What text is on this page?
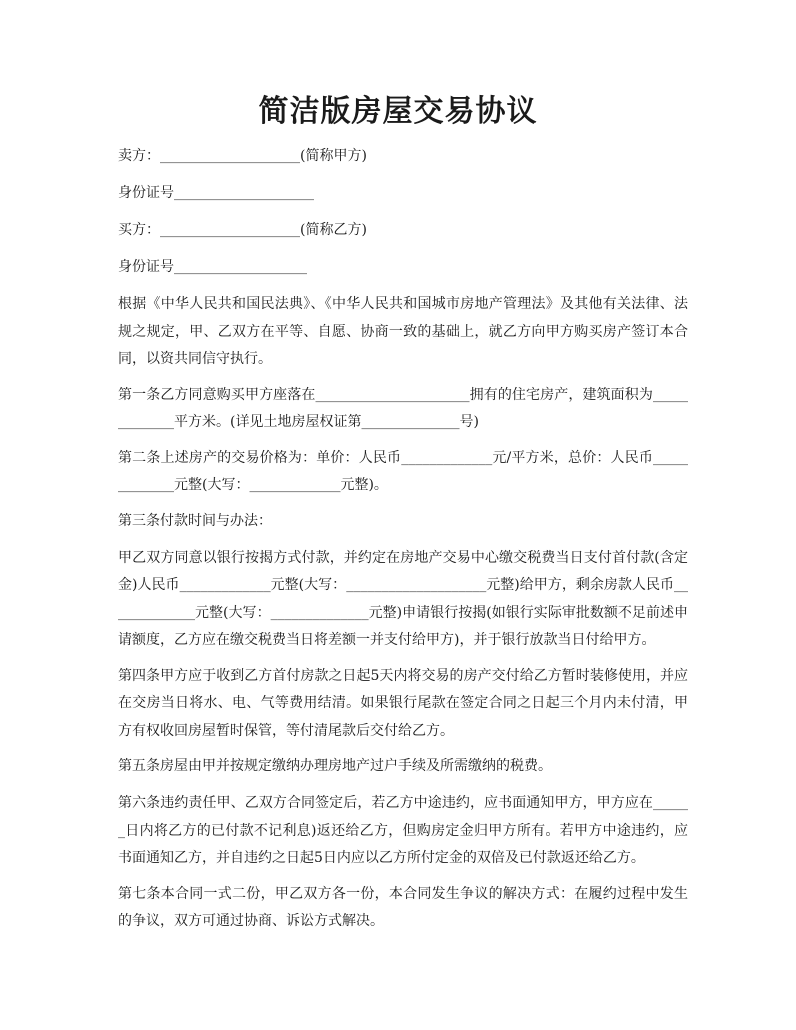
简洁版房屋交易协议

卖方：____________________(简称甲方)

身份证号____________________

买方：____________________(简称乙方)

身份证号___________________

根据《中华人民共和国民法典》、《中华人民共和国城市房地产管理法》及其他有关法律、法规之规定，甲、乙双方在平等、自愿、协商一致的基础上，就乙方向甲方购买房产签订本合同，以资共同信守执行。

第一条乙方同意购买甲方座落在______________________拥有的住宅房产，建筑面积为_____________平方米。(详见土地房屋权证第______________号)

第二条上述房产的交易价格为：单价：人民币_____________元/平方米，总价：人民币_____________元整(大写：_____________元整)。

第三条付款时间与办法：

甲乙双方同意以银行按揭方式付款，并约定在房地产交易中心缴交税费当日支付首付款(含定金)人民币_____________元整(大写：____________________元整)给甲方，剩余房款人民币_____________元整(大写：______________元整)申请银行按揭(如银行实际审批数额不足前述申请额度，乙方应在缴交税费当日将差额一并支付给甲方)，并于银行放款当日付给甲方。

第四条甲方应于收到乙方首付房款之日起5天内将交易的房产交付给乙方暂时装修使用，并应在交房当日将水、电、气等费用结清。如果银行尾款在签定合同之日起三个月内未付清，甲方有权收回房屋暂时保管，等付清尾款后交付给乙方。

第五条房屋由甲并按规定缴纳办理房地产过户手续及所需缴纳的税费。

第六条违约责任甲、乙双方合同签定后，若乙方中途违约，应书面通知甲方，甲方应在______日内将乙方的已付款不记利息)返还给乙方，但购房定金归甲方所有。若甲方中途违约，应书面通知乙方，并自违约之日起5日内应以乙方所付定金的双倍及已付款返还给乙方。

第七条本合同一式二份，甲乙双方各一份，本合同发生争议的解决方式：在履约过程中发生的争议，双方可通过协商、诉讼方式解决。
